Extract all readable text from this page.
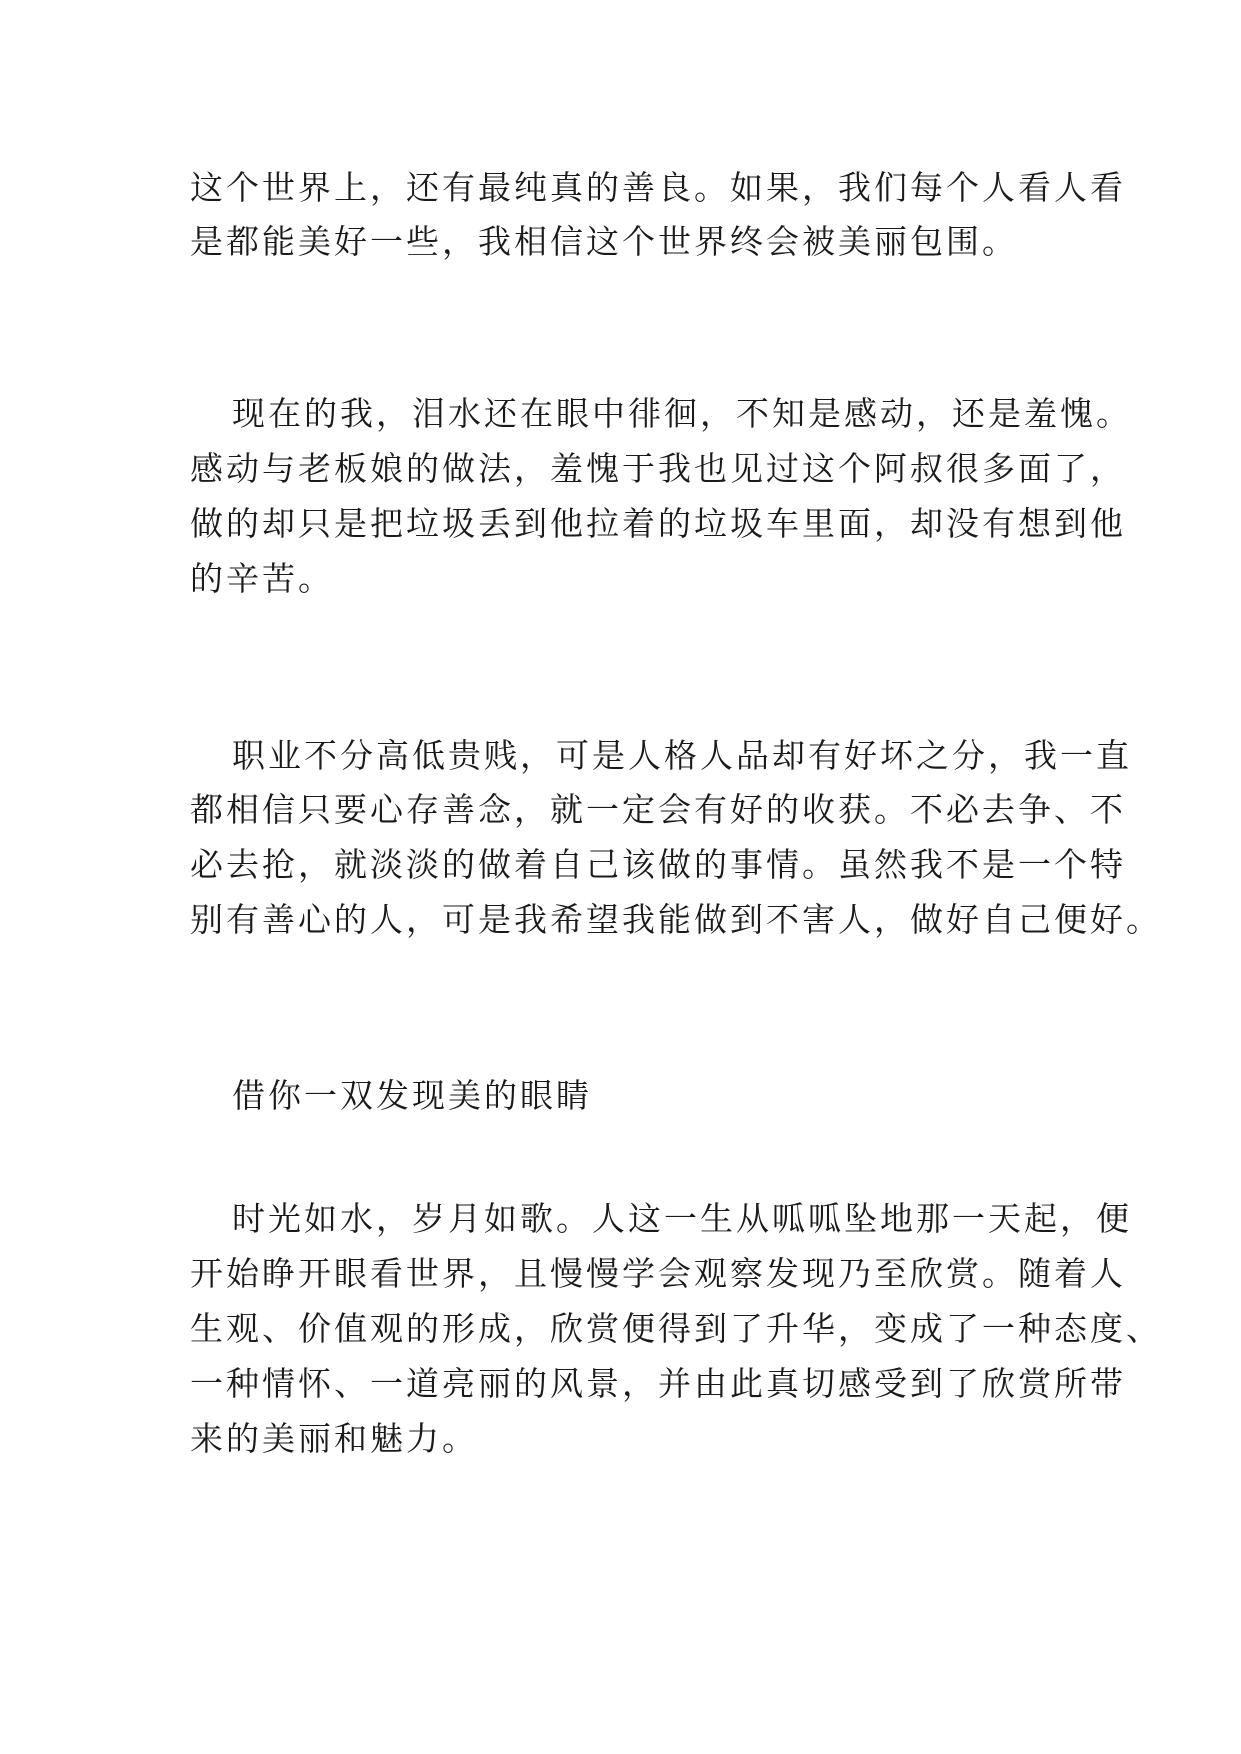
这个世界上，还有最纯真的善良。如果，我们每个人看人看
是都能美好一些，我相信这个世界终会被美丽包围。
现在的我，泪水还在眼中徘徊，不知是感动，还是羞愧。
感动与老板娘的做法，羞愧于我也见过这个阿叔很多面了，
做的却只是把垃圾丢到他拉着的垃圾车里面，却没有想到他
的辛苦。
职业不分高低贵贱，可是人格人品却有好坏之分，我一直
都相信只要心存善念，就一定会有好的收获。不必去争、不
必去抢，就淡淡的做着自己该做的事情。虽然我不是一个特
别有善心的人，可是我希望我能做到不害人，做好自己便好。
借你一双发现美的眼睛
时光如水，岁月如歌。人这一生从呱呱坠地那一天起，便
开始睁开眼看世界，且慢慢学会观察发现乃至欣赏。随着人
生观、价值观的形成，欣赏便得到了升华，变成了一种态度、
一种情怀、一道亮丽的风景，并由此真切感受到了欣赏所带
来的美丽和魅力。
